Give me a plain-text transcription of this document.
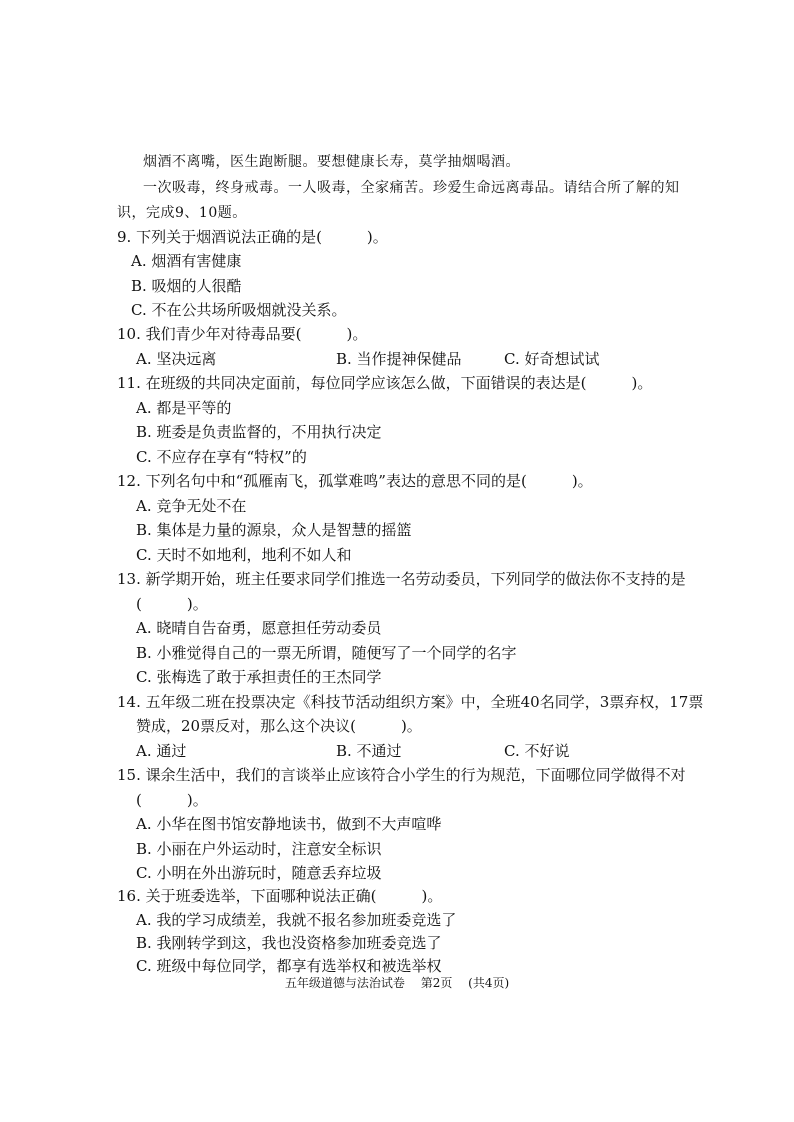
烟酒不离嘴，医生跑断腿。要想健康长寿，莫学抽烟喝酒。
一次吸毒，终身戒毒。一人吸毒，全家痛苦。珍爱生命远离毒品。请结合所了解的知
识，完成9、10题。
9. 下列关于烟酒说法正确的是(　　　)。
A. 烟酒有害健康
B. 吸烟的人很酷
C. 不在公共场所吸烟就没关系。
10. 我们青少年对待毒品要(　　　)。
A. 坚决远离	B. 当作提神保健品	C. 好奇想试试
11. 在班级的共同决定面前，每位同学应该怎么做，下面错误的表达是(　　　)。
A. 都是平等的
B. 班委是负责监督的，不用执行决定
C. 不应存在享有“特权”的
12. 下列名句中和“孤雁南飞，孤掌难鸣”表达的意思不同的是(　　　)。
A. 竞争无处不在
B. 集体是力量的源泉，众人是智慧的摇篮
C. 天时不如地利，地利不如人和
13. 新学期开始，班主任要求同学们推选一名劳动委员，下列同学的做法你不支持的是
(　　　)。
A. 晓晴自告奋勇，愿意担任劳动委员
B. 小雅觉得自己的一票无所谓，随便写了一个同学的名字
C. 张梅选了敢于承担责任的王杰同学
14. 五年级二班在投票决定《科技节活动组织方案》中，全班40名同学，3票弃权，17票
赞成，20票反对，那么这个决议(　　　)。
A. 通过	B. 不通过	C. 不好说
15. 课余生活中，我们的言谈举止应该符合小学生的行为规范，下面哪位同学做得不对
(　　　)。
A. 小华在图书馆安静地读书，做到不大声喧哗
B. 小丽在户外运动时，注意安全标识
C. 小明在外出游玩时，随意丢弃垃圾
16. 关于班委选举，下面哪种说法正确(　　　)。
A. 我的学习成绩差，我就不报名参加班委竞选了
B. 我刚转学到这，我也没资格参加班委竞选了
C. 班级中每位同学，都享有选举权和被选举权
五年级道德与法治试卷 第2页 (共4页)
